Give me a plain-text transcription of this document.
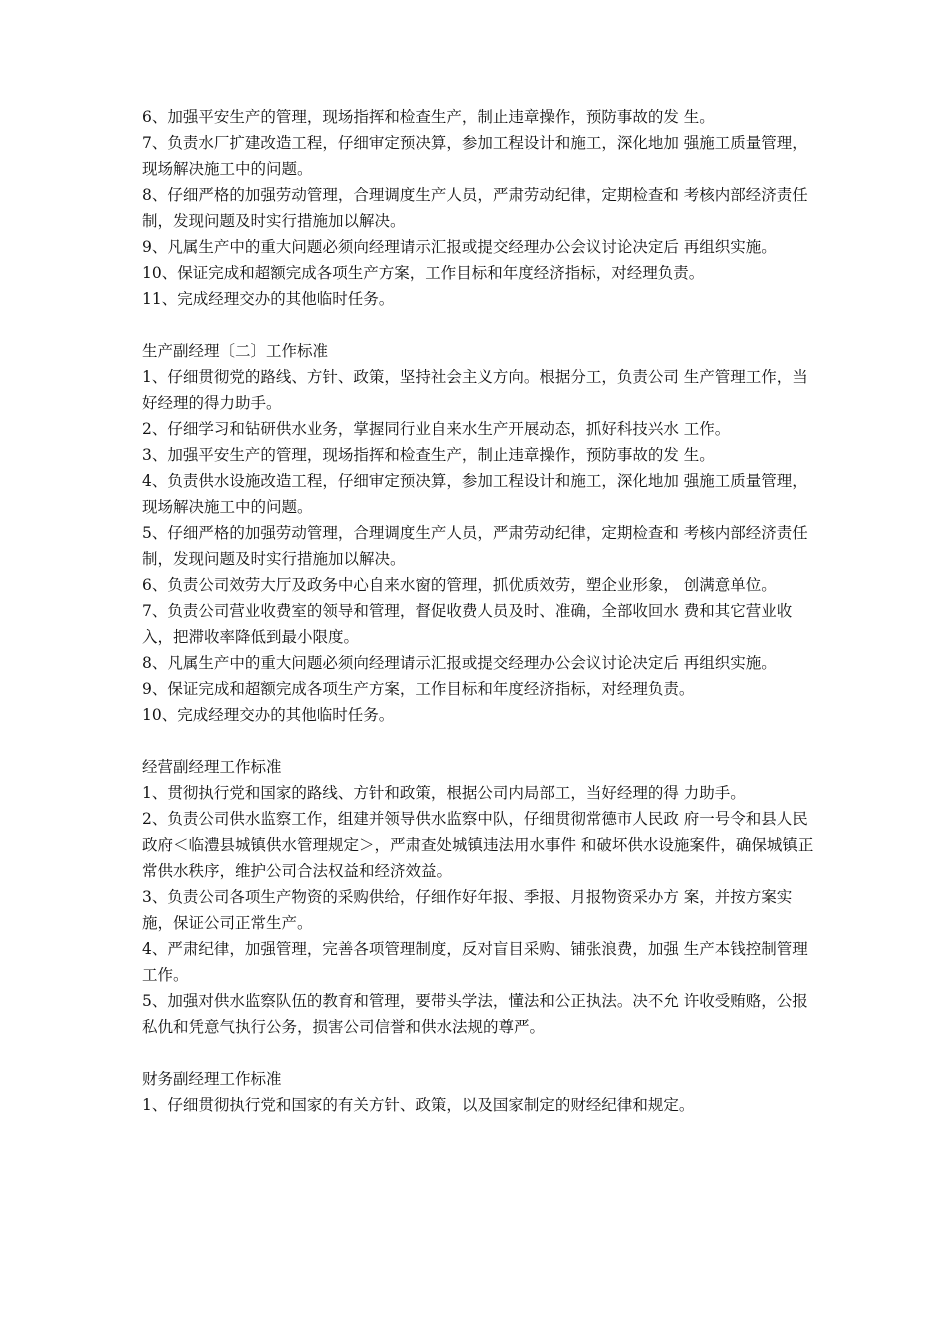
6、加强平安生产的管理，现场指挥和检查生产，制止违章操作，预防事故的发 生。

7、负责水厂扩建改造工程，仔细审定预决算，参加工程设计和施工，深化地加 强施工质量管理，现场解决施工中的问题。

8、仔细严格的加强劳动管理，合理调度生产人员，严肃劳动纪律，定期检查和 考核内部经济责任制，发现问题及时实行措施加以解决。

9、凡属生产中的重大问题必须向经理请示汇报或提交经理办公会议讨论决定后 再组织实施。

10、保证完成和超额完成各项生产方案，工作目标和年度经济指标，对经理负责。

11、完成经理交办的其他临时任务。

生产副经理〔二〕工作标准

1、仔细贯彻党的路线、方针、政策，坚持社会主义方向。根据分工，负责公司 生产管理工作，当好经理的得力助手。

2、仔细学习和钻研供水业务，掌握同行业自来水生产开展动态，抓好科技兴水 工作。

3、加强平安生产的管理，现场指挥和检查生产，制止违章操作，预防事故的发 生。

4、负责供水设施改造工程，仔细审定预决算，参加工程设计和施工，深化地加 强施工质量管理，现场解决施工中的问题。

5、仔细严格的加强劳动管理，合理调度生产人员，严肃劳动纪律，定期检查和 考核内部经济责任制，发现问题及时实行措施加以解决。

6、负责公司效劳大厅及政务中心自来水窗的管理，抓优质效劳，塑企业形象， 创满意单位。

7、负责公司营业收费室的领导和管理，督促收费人员及时、准确，全部收回水 费和其它营业收入，把滞收率降低到最小限度。

8、凡属生产中的重大问题必须向经理请示汇报或提交经理办公会议讨论决定后 再组织实施。

9、保证完成和超额完成各项生产方案，工作目标和年度经济指标，对经理负责。

10、完成经理交办的其他临时任务。

经营副经理工作标准

1、贯彻执行党和国家的路线、方针和政策，根据公司内局部工，当好经理的得 力助手。

2、负责公司供水监察工作，组建并领导供水监察中队，仔细贯彻常德市人民政 府一号令和县人民政府＜临澧县城镇供水管理规定＞，严肃查处城镇违法用水事件 和破坏供水设施案件，确保城镇正常供水秩序，维护公司合法权益和经济效益。

3、负责公司各项生产物资的采购供给，仔细作好年报、季报、月报物资采办方 案，并按方案实施，保证公司正常生产。

4、严肃纪律，加强管理，完善各项管理制度，反对盲目采购、铺张浪费，加强 生产本钱控制管理工作。

5、加强对供水监察队伍的教育和管理，要带头学法，懂法和公正执法。决不允 许收受贿赂，公报私仇和凭意气执行公务，损害公司信誉和供水法规的尊严。

财务副经理工作标准

1、仔细贯彻执行党和国家的有关方针、政策，以及国家制定的财经纪律和规定。
